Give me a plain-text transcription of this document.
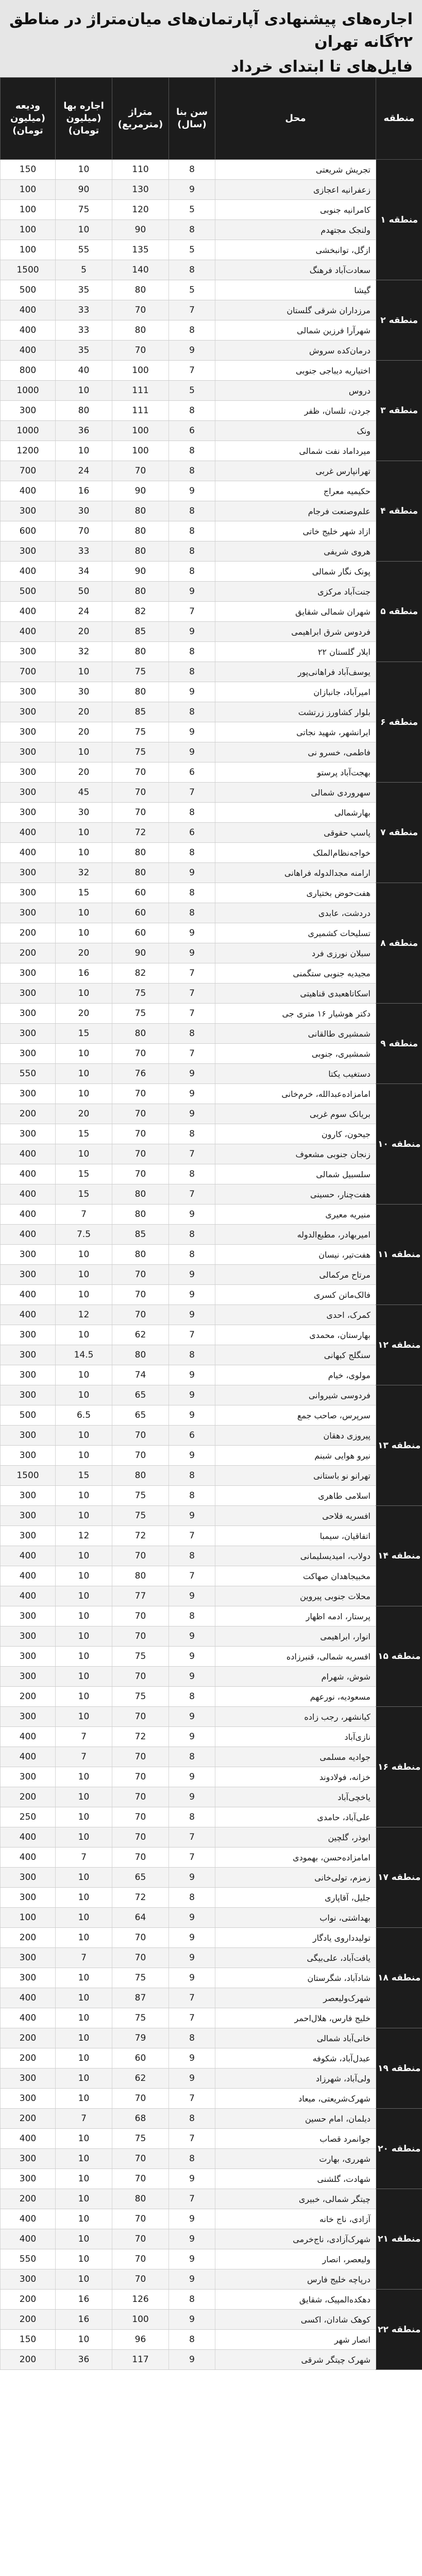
اجاره‌های پیشنهادی آپارتمان‌های میان‌متراژ در مناطق ۲۲گانه تهران
فایل‌های تا ابتدای خرداد
منطقه	محل	سن بنا (سال)	متراژ (مترمربع)	اجاره بها (میلیون تومان)	ودیعه (میلیون تومان)
منطقه ۱	تجریش شریعتی	8	110	10	150
	زعفرانیه اعجازی	9	130	90	100
	کامرانیه جنوبی	5	120	75	100
	ولنجک مجتهدم	8	90	10	100
	ازگل، توانبخشی	5	135	55	100
	سعادت‌آباد فرهنگ	8	140	5	1500
منطقه ۲	گیشا	5	80	35	500
	مرزداران شرقی گلستان	7	70	33	400
	شهرآرا فرزین شمالی	8	80	33	400
	درمان‌کده سروش	9	70	35	400
منطقه ۳	اختیاریه دیباجی جنوبی	7	100	40	800
	دروس	5	111	10	1000
	جردن، تلسان، ظفر	8	111	80	300
	ونک	6	100	36	1000
	میرداماد نفت شمالی	8	100	10	1200
منطقه ۴	تهرانپارس غربی	8	70	24	700
	حکیمیه معراج	9	90	16	400
	علم‌وصنعت فرجام	8	80	30	300
	ازاد شهر خلیج خاتی	8	80	70	600
	هروی شریفی	8	80	33	300
منطقه ۵	پونک نگار شمالی	8	90	34	400
	جنت‌آباد مرکزی	9	80	50	500
	شهران شمالی شقایق	7	82	24	400
	فردوس شرق ابراهیمی	9	85	20	400
	ایلار گلستان ۲۲	8	80	32	300
منطقه ۶	یوسف‌آباد فراهانی‌پور	8	75	10	700
	امیرآباد، جانبازان	9	80	30	300
	بلوار کشاورز زرتشت	8	85	20	300
	ایرانشهر، شهید نجاتی	9	75	20	300
	فاطمی، خسرو نی	9	75	10	300
	بهجت‌آباد پرستو	6	70	20	300
منطقه ۷	سهروردی شمالی	7	70	45	300
	بهارشمالی	8	70	30	300
	پاسپ حقوقی	6	72	10	400
	خواجه‌نظام‌الملک	8	80	10	400
	ارامنه مجدالدوله فراهانی	9	80	32	300
منطقه ۸	هفت‌حوض بختیاری	8	60	15	300
	دردشت، عابدی	8	60	10	300
	تسلیحات کشمیری	9	60	10	200
	سبلان نورزی فرد	9	90	20	200
	مجیدیه جنوبی ستگمنی	7	82	16	300
	اسکاتاهعبدی قناهیتی	7	75	10	300
منطقه ۹	دکتر هوشیار ۱۶ متری جی	7	75	20	300
	شمشیری طالقانی	8	80	15	300
	شمشیری، جنوبی	7	70	10	300
	دستغیب یکتا	9	76	10	550
منطقه ۱۰	امامزاده‌عبدالله، خرم‌خانی	9	70	10	300
	بریانک سوم غربی	9	70	20	200
	جیحون، کارون	8	70	15	300
	زنجان جنوبی مشعوف	7	70	10	400
	سلسبیل شمالی	8	70	15	400
	هفت‌چنار، حسینی	7	80	15	400
منطقه ۱۱	منیریه معیری	9	80	7	400
	امیربهادر، مطبع‌الدوله	8	85	7.5	400
	هفت‌تیر، نیسان	8	80	10	300
	مرتاح مرکمالی	9	70	10	300
	فالک‌ماتن کسری	9	70	10	400
منطقه ۱۲	کمرک، احدی	9	70	12	400
	بهارستان، محمدی	7	62	10	300
	سنگلج کبهانی	8	80	14.5	300
	مولوی، خیام	9	74	10	300
منطقه ۱۳	فردوسی شیروانی	9	65	10	300
	سرپرس، صاحب جمع	9	65	6.5	500
	پیروزی دهقان	6	70	10	300
	نیرو هوایی شبنم	9	70	10	300
	تهرانو نو باستانی	8	80	15	1500
	اسلامی طاهری	8	75	10	300
منطقه ۱۴	افسریه فلاحی	9	75	10	300
	اتفاقیان، سیمبا	7	72	12	300
	دولاب، امیدیسلیمانی	8	70	10	400
	مخبیجاهدان صهاکت	7	80	10	400
	محلات جنوبی پیروین	9	77	10	400
منطقه ۱۵	پرستار، ادمه اظهار	8	70	10	300
	انوار، ابراهیمی	9	70	10	300
	افسریه شمالی، قنبرزاده	9	75	10	300
	شوش، شهرام	9	70	10	300
	مسعودیه، نورعهم	8	75	10	200
منطقه ۱۶	کیانشهر، رجب زاده	9	70	10	300
	نازی‌آباد	9	72	7	400
	جوادیه مسلمی	8	70	7	400
	خزانه، فولادوند	9	70	10	300
	یاخچی‌آباد	9	70	10	200
	علی‌آباد، حامدی	8	70	10	250
منطقه ۱۷	ابوذر، گلچین	7	70	10	400
	امامزاده‌حسن، بهمودی	7	70	7	400
	زمزم، تولی‌خانی	9	65	10	300
	جلیل، آقاپاری	8	72	10	300
	بهداشتی، نواب	9	64	10	100
منطقه ۱۸	تولیدداروی یادگار	9	70	10	200
	یافت‌آباد، علی‌بیگی	9	70	7	300
	شادآباد، شگرستان	9	75	10	300
	شهرک‌ولیعصر	7	87	10	400
	خلیج فارس، هلال‌احمر	7	75	10	400
منطقه ۱۹	خانی‌آباد شمالی	8	79	10	200
	عبدل‌آباد، شکوفه	9	60	10	200
	ولی‌آباد، شهرزاد	9	62	10	300
	شهرک‌شریعتی، میعاد	7	70	10	300
منطقه ۲۰	دیلمان، امام حسین	8	68	7	200
	جوانمرد قصاب	7	75	10	400
	شهرری، بهارت	8	70	10	300
	شهادت، گلشنی	9	70	10	300
منطقه ۲۱	چیتگر شمالی، خبیری	7	80	10	200
	آزادی، ناج خانه	9	70	10	400
	شهرک‌آزادی، ناج‌خرمی	9	70	10	400
	ولیعصر، انصار	9	70	10	550
	درپاچه خلیج فارس	9	70	10	300
منطقه ۲۲	دهکده‌المپیک، شقایق	8	126	16	200
	کوهک شادان، اکسی	9	100	16	200
	انصار شهر	8	96	10	150
	شهرک چیتگر شرقی	9	117	36	200
